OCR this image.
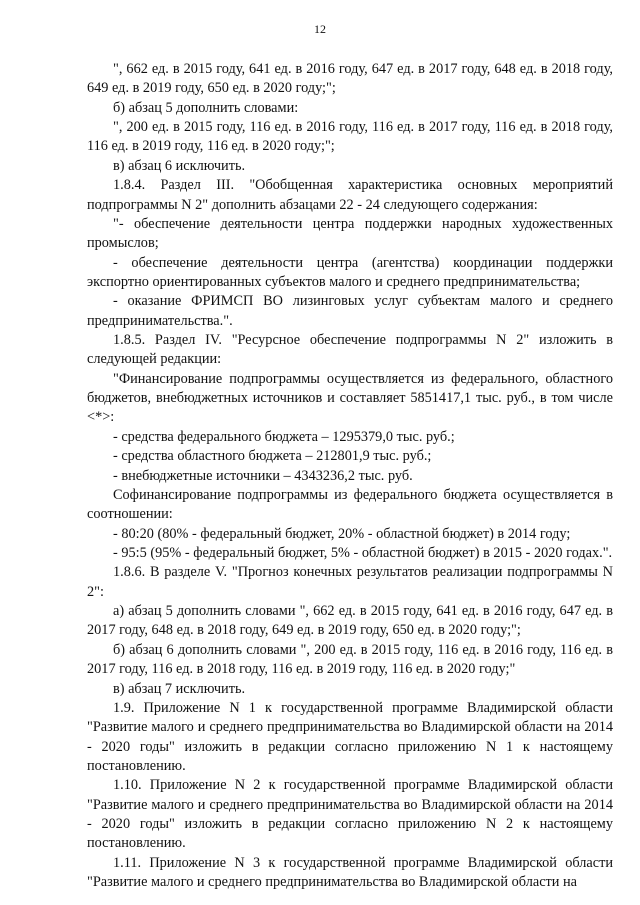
12

", 662 ед. в 2015 году, 641 ед. в 2016 году, 647 ед. в 2017 году, 648 ед. в 2018 году, 649 ед. в 2019 году, 650 ед. в 2020 году;";

б) абзац 5 дополнить словами:

", 200 ед. в 2015 году, 116 ед. в 2016 году, 116 ед. в 2017 году, 116 ед. в 2018 году, 116 ед. в 2019 году, 116 ед. в 2020 году;";

в) абзац 6 исключить.

1.8.4. Раздел III. "Обобщенная характеристика основных мероприятий подпрограммы N 2" дополнить абзацами 22 - 24 следующего содержания:

"- обеспечение деятельности центра поддержки народных художественных промыслов;

- обеспечение деятельности центра (агентства) координации поддержки экспортно ориентированных субъектов малого и среднего предпринимательства;

- оказание ФРИМСП ВО лизинговых услуг субъектам малого и среднего предпринимательства.".

1.8.5. Раздел IV. "Ресурсное обеспечение подпрограммы N 2" изложить в следующей редакции:

"Финансирование подпрограммы осуществляется из федерального, областного бюджетов, внебюджетных источников и составляет 5851417,1 тыс. руб., в том числе <*>:

- средства федерального бюджета – 1295379,0 тыс. руб.;

- средства областного бюджета – 212801,9 тыс. руб.;

- внебюджетные источники – 4343236,2 тыс. руб.

Софинансирование подпрограммы из федерального бюджета осуществляется в соотношении:

- 80:20 (80% - федеральный бюджет, 20% - областной бюджет) в 2014 году;

- 95:5 (95% - федеральный бюджет, 5% - областной бюджет) в 2015 - 2020 годах.".

1.8.6. В разделе V. "Прогноз конечных результатов реализации подпрограммы N 2":

а) абзац 5 дополнить словами ", 662 ед. в 2015 году, 641 ед. в 2016 году, 647 ед. в 2017 году, 648 ед. в 2018 году, 649 ед. в 2019 году, 650 ед. в 2020 году;";

б) абзац 6 дополнить словами ", 200 ед. в 2015 году, 116 ед. в 2016 году, 116 ед. в 2017 году, 116 ед. в 2018 году, 116 ед. в 2019 году, 116 ед. в 2020 году;"

в) абзац 7 исключить.

1.9. Приложение N 1 к государственной программе Владимирской области "Развитие малого и среднего предпринимательства во Владимирской области на 2014 - 2020 годы" изложить в редакции согласно приложению N 1 к настоящему постановлению.

1.10. Приложение N 2 к государственной программе Владимирской области "Развитие малого и среднего предпринимательства во Владимирской области на 2014 - 2020 годы" изложить в редакции согласно приложению N 2 к настоящему постановлению.

1.11. Приложение N 3 к государственной программе Владимирской области "Развитие малого и среднего предпринимательства во Владимирской области на
